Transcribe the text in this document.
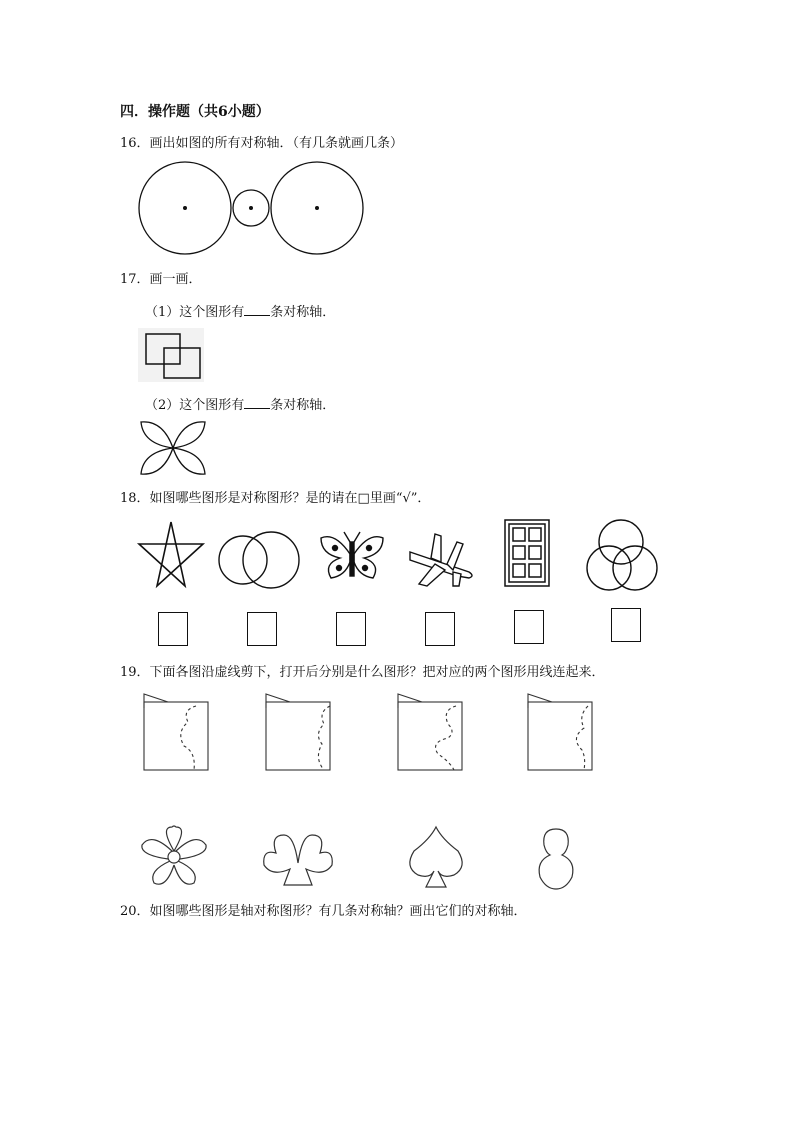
四．操作题（共6小题）
16．画出如图的所有对称轴．（有几条就画几条）
17．画一画．
（1）这个图形有 条对称轴．
（2）这个图形有 条对称轴．
18．如图哪些图形是对称图形？是的请在□里画“√”．
19．下面各图沿虚线剪下，打开后分别是什么图形？把对应的两个图形用线连起来．
20．如图哪些图形是轴对称图形？有几条对称轴？画出它们的对称轴．
